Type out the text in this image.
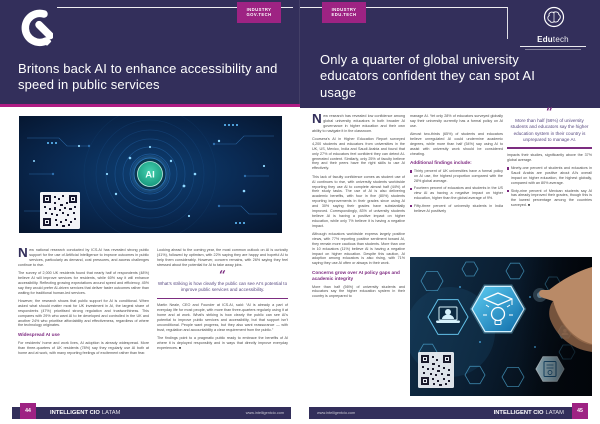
INDUSTRY
GOV.TECH
INDUSTRY
EDU.TECH
Edutech
Britons back AI to enhance accessibility and speed in public services
Only a quarter of global university educators confident they can spot AI usage
AI

New national research conducted by ICS.AI has revealed strong public support for the use of Artificial Intelligence to improve outcomes in public services, particularly as demand, cost pressures, and access challenges continue to rise.

The survey of 2,000 UK residents found that nearly half of respondents (48%) believe AI will improve services for residents, while 60% say it will enhance accessibility. Reflecting growing expectations around speed and efficiency, 45% say they would prefer AI-driven services that deliver faster outcomes rather than waiting for traditional human-led services.

However, the research shows that public support for AI is conditional. When asked what should matter most for UK investment in AI, the largest share of respondents (47%) prioritised strong regulation and trustworthiness. This compares with 29% who want AI to be developed and controlled in the UK and another 24% who prioritise affordability and effectiveness, regardless of where the technology originates.

Widespread AI use

For residents’ home and work lives, AI adoption is already widespread. More than three-quarters of UK residents (78%) say they regularly use AI both at home and at work, with many reporting feelings of excitement rather than fear.

Looking ahead to the coming year, the most common outlook on AI is curiosity (41%), followed by optimism, with 22% saying they are happy and hopeful AI to help them considerably. However, concern remains, with 26% saying they feel stressed about the potential for AI to take away jobs.

“
What’s striking is how clearly the public can see AI’s potential to improve public services and accessibility.

Martin Neale, CEO and Founder at ICS.AI, said: “AI is already a part of everyday life for most people, with more than three-quarters regularly using it at home and at work. What’s striking is how clearly the public can see AI’s potential to improve public services and accessibility, but that support isn’t unconditional. People want progress, but they also want reassurance — with trust, regulation and accountability a clear requirement from the public.”

The findings point to a pragmatic public ready to embrace the benefits of AI where it is deployed responsibly and in ways that directly improve everyday experiences. ■

New research has revealed low confidence among global university educators in both broader AI governance in higher education and their own ability to navigate it in the classroom.

Coursera’s AI in Higher Education Report surveyed 4,200 students and educators from universities in the UK, US, Mexico, India and Saudi Arabia and found that only 27% of educators feel confident they can detect AI-generated content. Similarly, only 25% of faculty believe they and their peers have the right skills to use AI effectively.

This lack of faculty confidence comes as student use of AI continues to rise, with university students worldwide reporting they use AI to complete almost half (44%) of their study tasks. The use of AI is also delivering academic benefits, with four in five (80%) students reporting improvements in their grades since using AI and 30% saying their grades have substantially improved. Correspondingly, 83% of university students believe AI is having a positive impact on higher education, while only 7% believe it is having a negative impact.

Although educators worldwide express largely positive views, with 77% reporting positive sentiment toward AI, they remain more cautious than students. More than one in 10 educators (11%) believe AI is having a negative impact on higher education. Despite this caution, AI adoption among educators is also rising, with 71% saying they use AI often or always in their work.

Concerns grow over AI policy gaps and academic integrity

More than half (56%) of university students and educators say the higher education system in their country is unprepared to

manage AI. Yet only 28% of educators surveyed globally say their university currently has a formal policy on AI use.

Almost two-thirds (65%) of students and educators believe unregulated AI could undermine academic degrees, while more than half (54%) say using AI to assist with university work should be considered cheating.

Additional findings include:
Thirty percent of UK universities have a formal policy on AI use, the highest proportion compared with the 28% global average.
Fourteen percent of educators and students in the US view AI as having a negative impact on higher education, higher than the global average of 9%.
Fifty-three percent of university students in India believe AI positively
“
More than half (56%) of university students and educators say the higher education system in their country is unprepared to manage AI.

impacts their studies, significantly above the 37% global average.

Ninety-one percent of students and educators in Saudi Arabia are positive about AI’s overall impact on higher education, the highest globally, compared with an 80% average.
Sixty-nine percent of Mexican students say AI has already improved their grades, though this is the lowest percentage among the countries surveyed. ■
INTELLIGENT CIO LATAM	www.intelligentcio.com
44	www.intelligentcio.com	INTELLIGENT CIO LATAM	45
